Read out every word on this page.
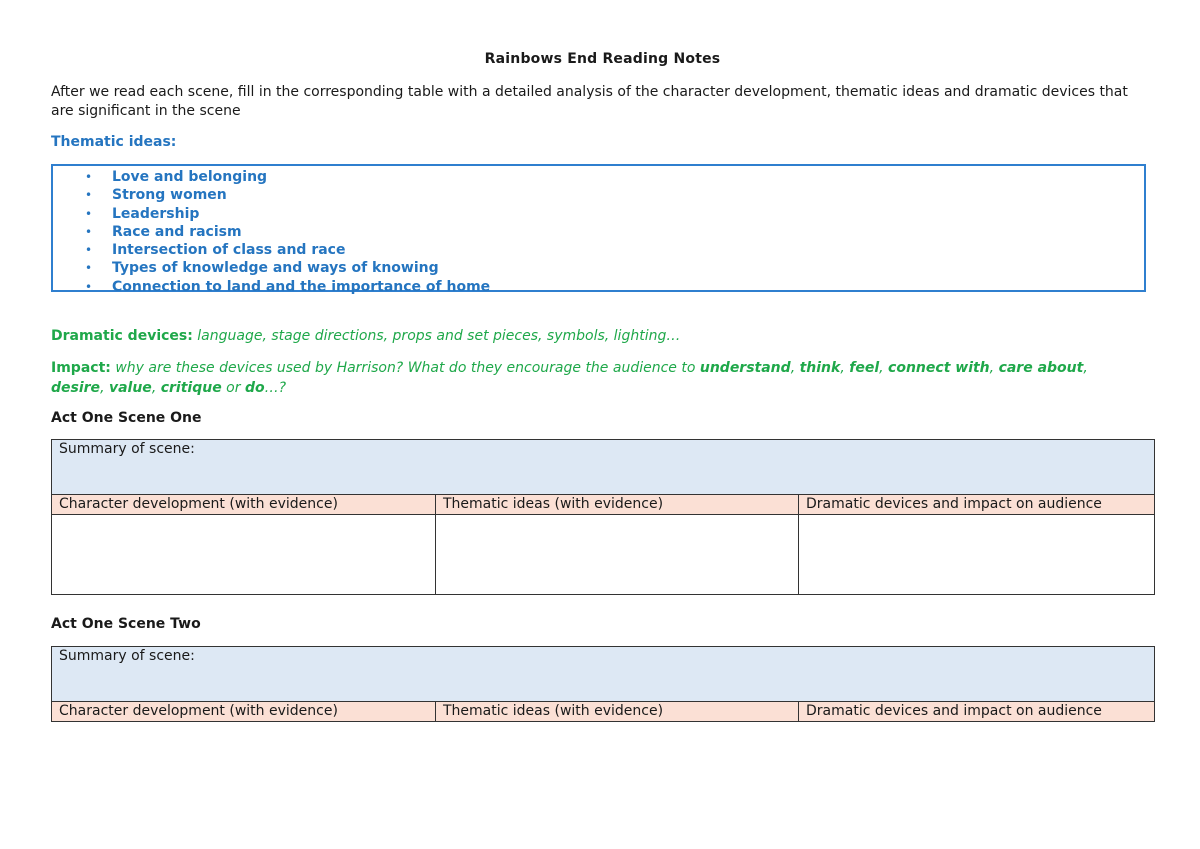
Rainbows End Reading Notes
After we read each scene, fill in the corresponding table with a detailed analysis of the character development, thematic ideas and dramatic devices that are significant in the scene
Thematic ideas:
• Love and belonging
• Strong women
• Leadership
• Race and racism
• Intersection of class and race
• Types of knowledge and ways of knowing
• Connection to land and the importance of home
Dramatic devices: language, stage directions, props and set pieces, symbols, lighting…
Impact: why are these devices used by Harrison? What do they encourage the audience to understand, think, feel, connect with, care about, desire, value, critique or do…?
Act One Scene One
Summary of scene:		
Character development (with evidence)	Thematic ideas (with evidence)	Dramatic devices and impact on audience

Act One Scene Two
Summary of scene:
Character development (with evidence)	Thematic ideas (with evidence)	Dramatic devices and impact on audience
